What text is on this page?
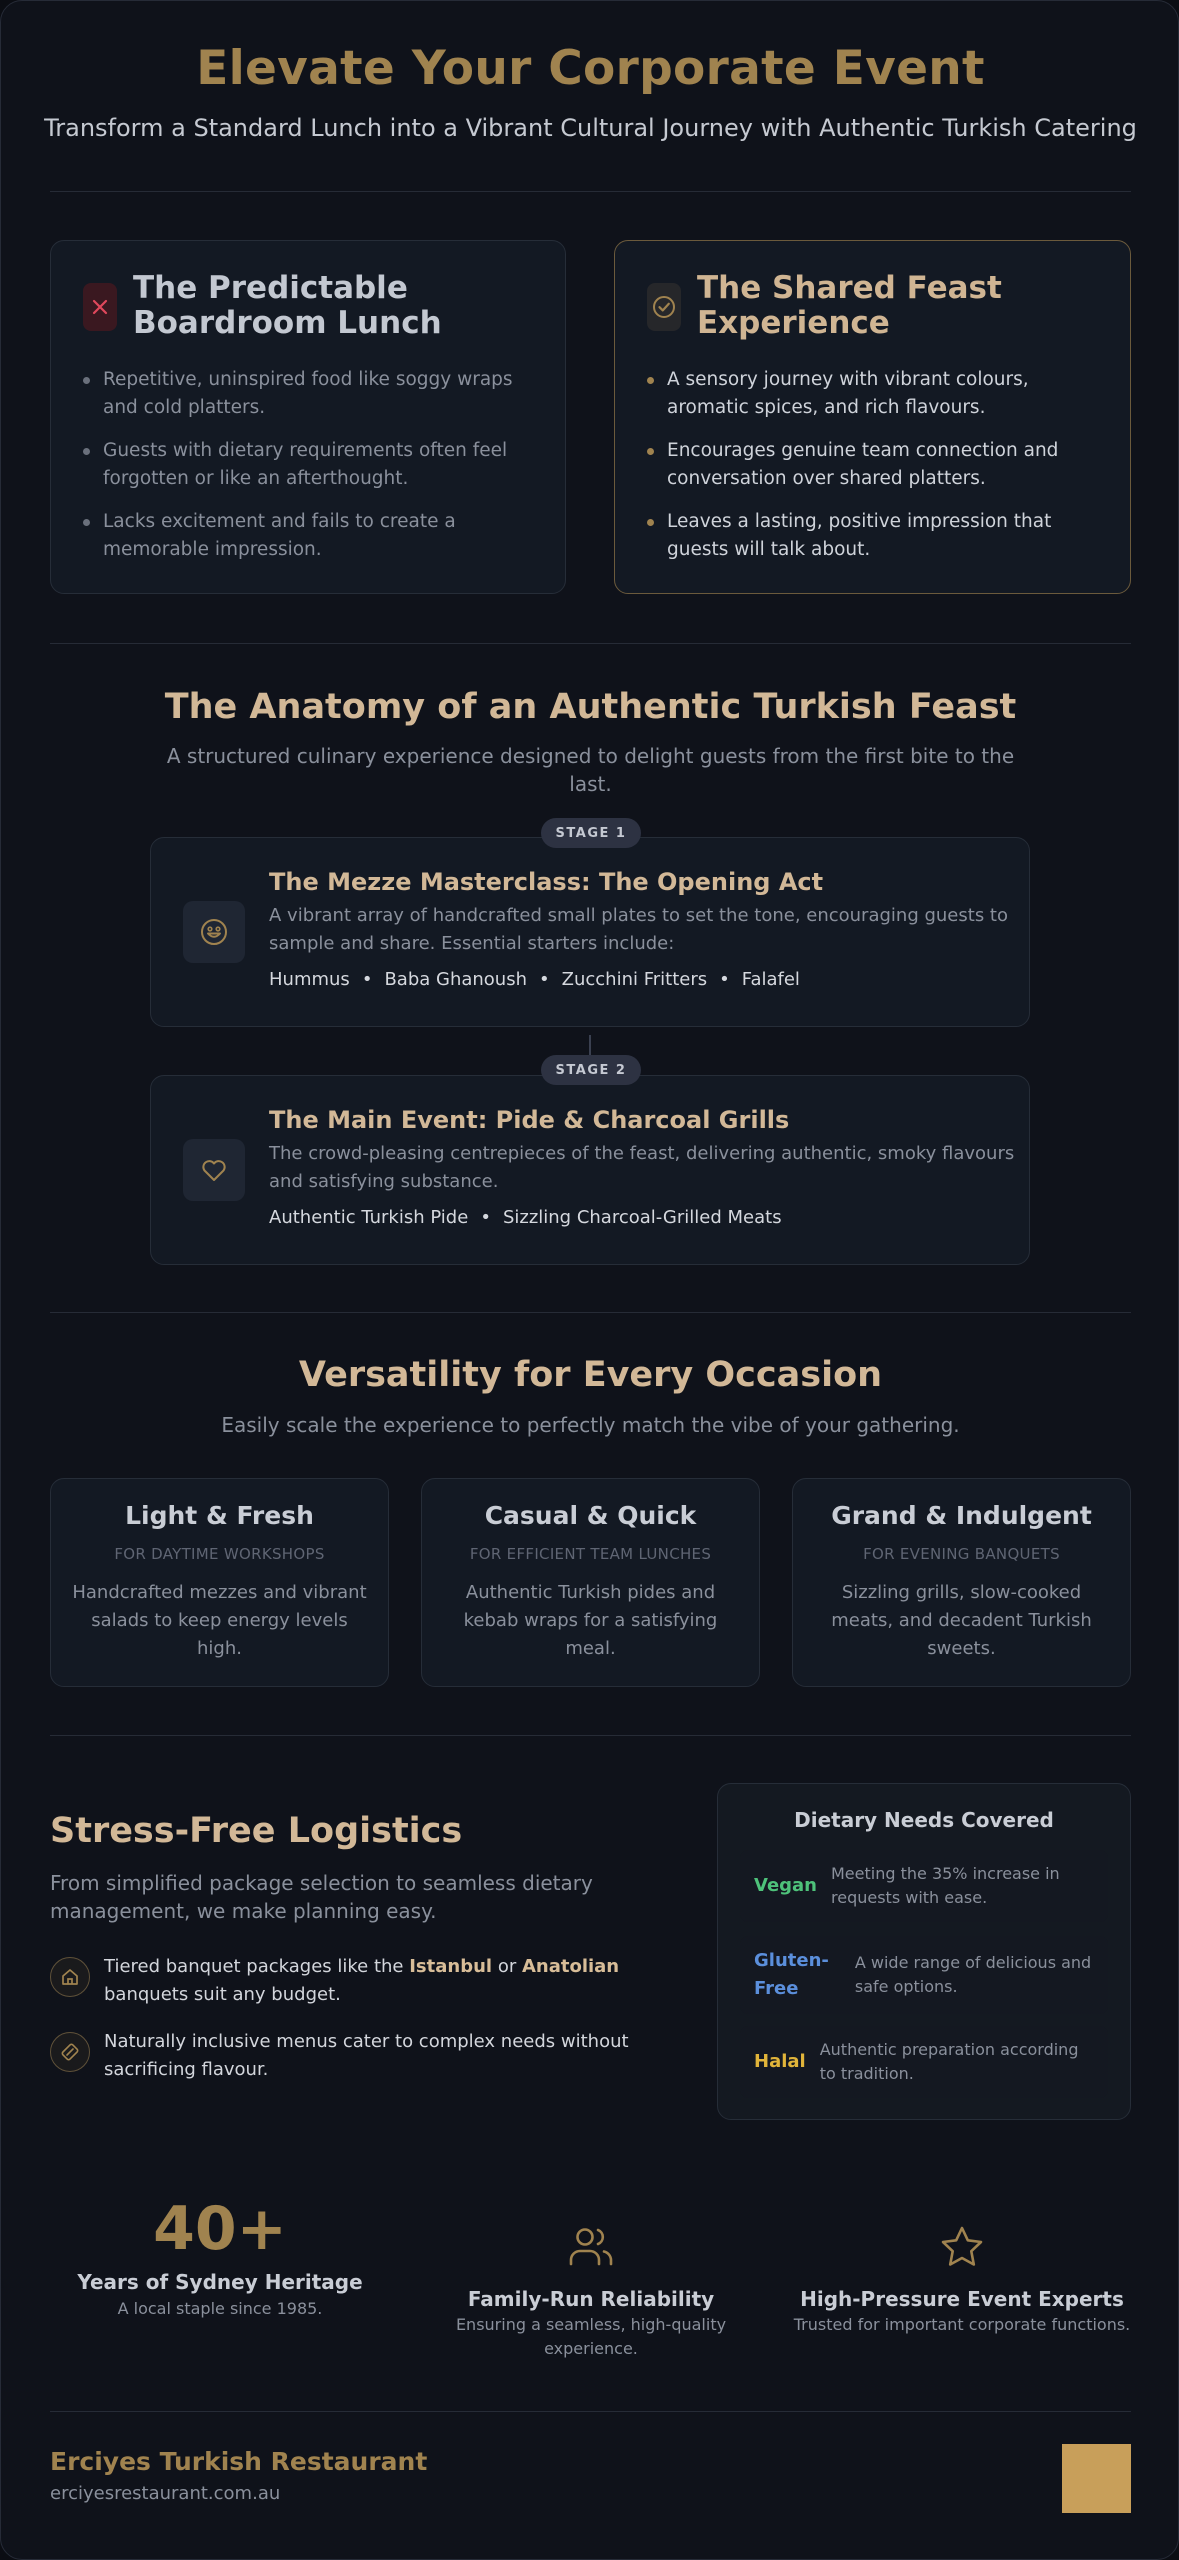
Elevate Your Corporate Event

Transform a Standard Lunch into a Vibrant Cultural Journey with Authentic Turkish Catering

The Predictable
Boardroom Lunch
Repetitive, uninspired food like soggy wraps and cold platters.
Guests with dietary requirements often feel forgotten or like an afterthought.
Lacks excitement and fails to create a memorable impression.
The Shared Feast
Experience
A sensory journey with vibrant colours, aromatic spices, and rich flavours.
Encourages genuine team connection and conversation over shared platters.
Leaves a lasting, positive impression that guests will talk about.
The Anatomy of an Authentic Turkish Feast
A structured culinary experience designed to delight guests from the first bite to the last.
The Mezze Masterclass: The Opening Act
A vibrant array of handcrafted small plates to set the tone, encouraging guests to sample and share. Essential starters include:
Hummus • Baba Ghanoush • Zucchini Fritters • Falafel
STAGE 1
The Main Event: Pide & Charcoal Grills
The crowd-pleasing centrepieces of the feast, delivering authentic, smoky flavours and satisfying substance.
Authentic Turkish Pide • Sizzling Charcoal-Grilled Meats
STAGE 2
Versatility for Every Occasion
Easily scale the experience to perfectly match the vibe of your gathering.
Light & Fresh
FOR DAYTIME WORKSHOPS
Handcrafted mezzes and vibrant salads to keep energy levels high.
Casual & Quick
FOR EFFICIENT TEAM LUNCHES
Authentic Turkish pides and kebab wraps for a satisfying meal.
Grand & Indulgent
FOR EVENING BANQUETS
Sizzling grills, slow-cooked meats, and decadent Turkish sweets.
Stress-Free Logistics
From simplified package selection to seamless dietary management, we make planning easy.
Tiered banquet packages like the Istanbul or Anatolian banquets suit any budget.
Naturally inclusive menus cater to complex needs without sacrificing flavour.
Dietary Needs Covered
Vegan
Meeting the 35% increase in requests with ease.
Gluten-
Free
A wide range of delicious and safe options.
Halal
Authentic preparation according to tradition.
40+
Years of Sydney Heritage
A local staple since 1985.	Family-Run Reliability
Ensuring a seamless, high-quality experience.
High-Pressure Event Experts
Trusted for important corporate functions.
Erciyes Turkish Restaurant
erciyesrestaurant.com.au
